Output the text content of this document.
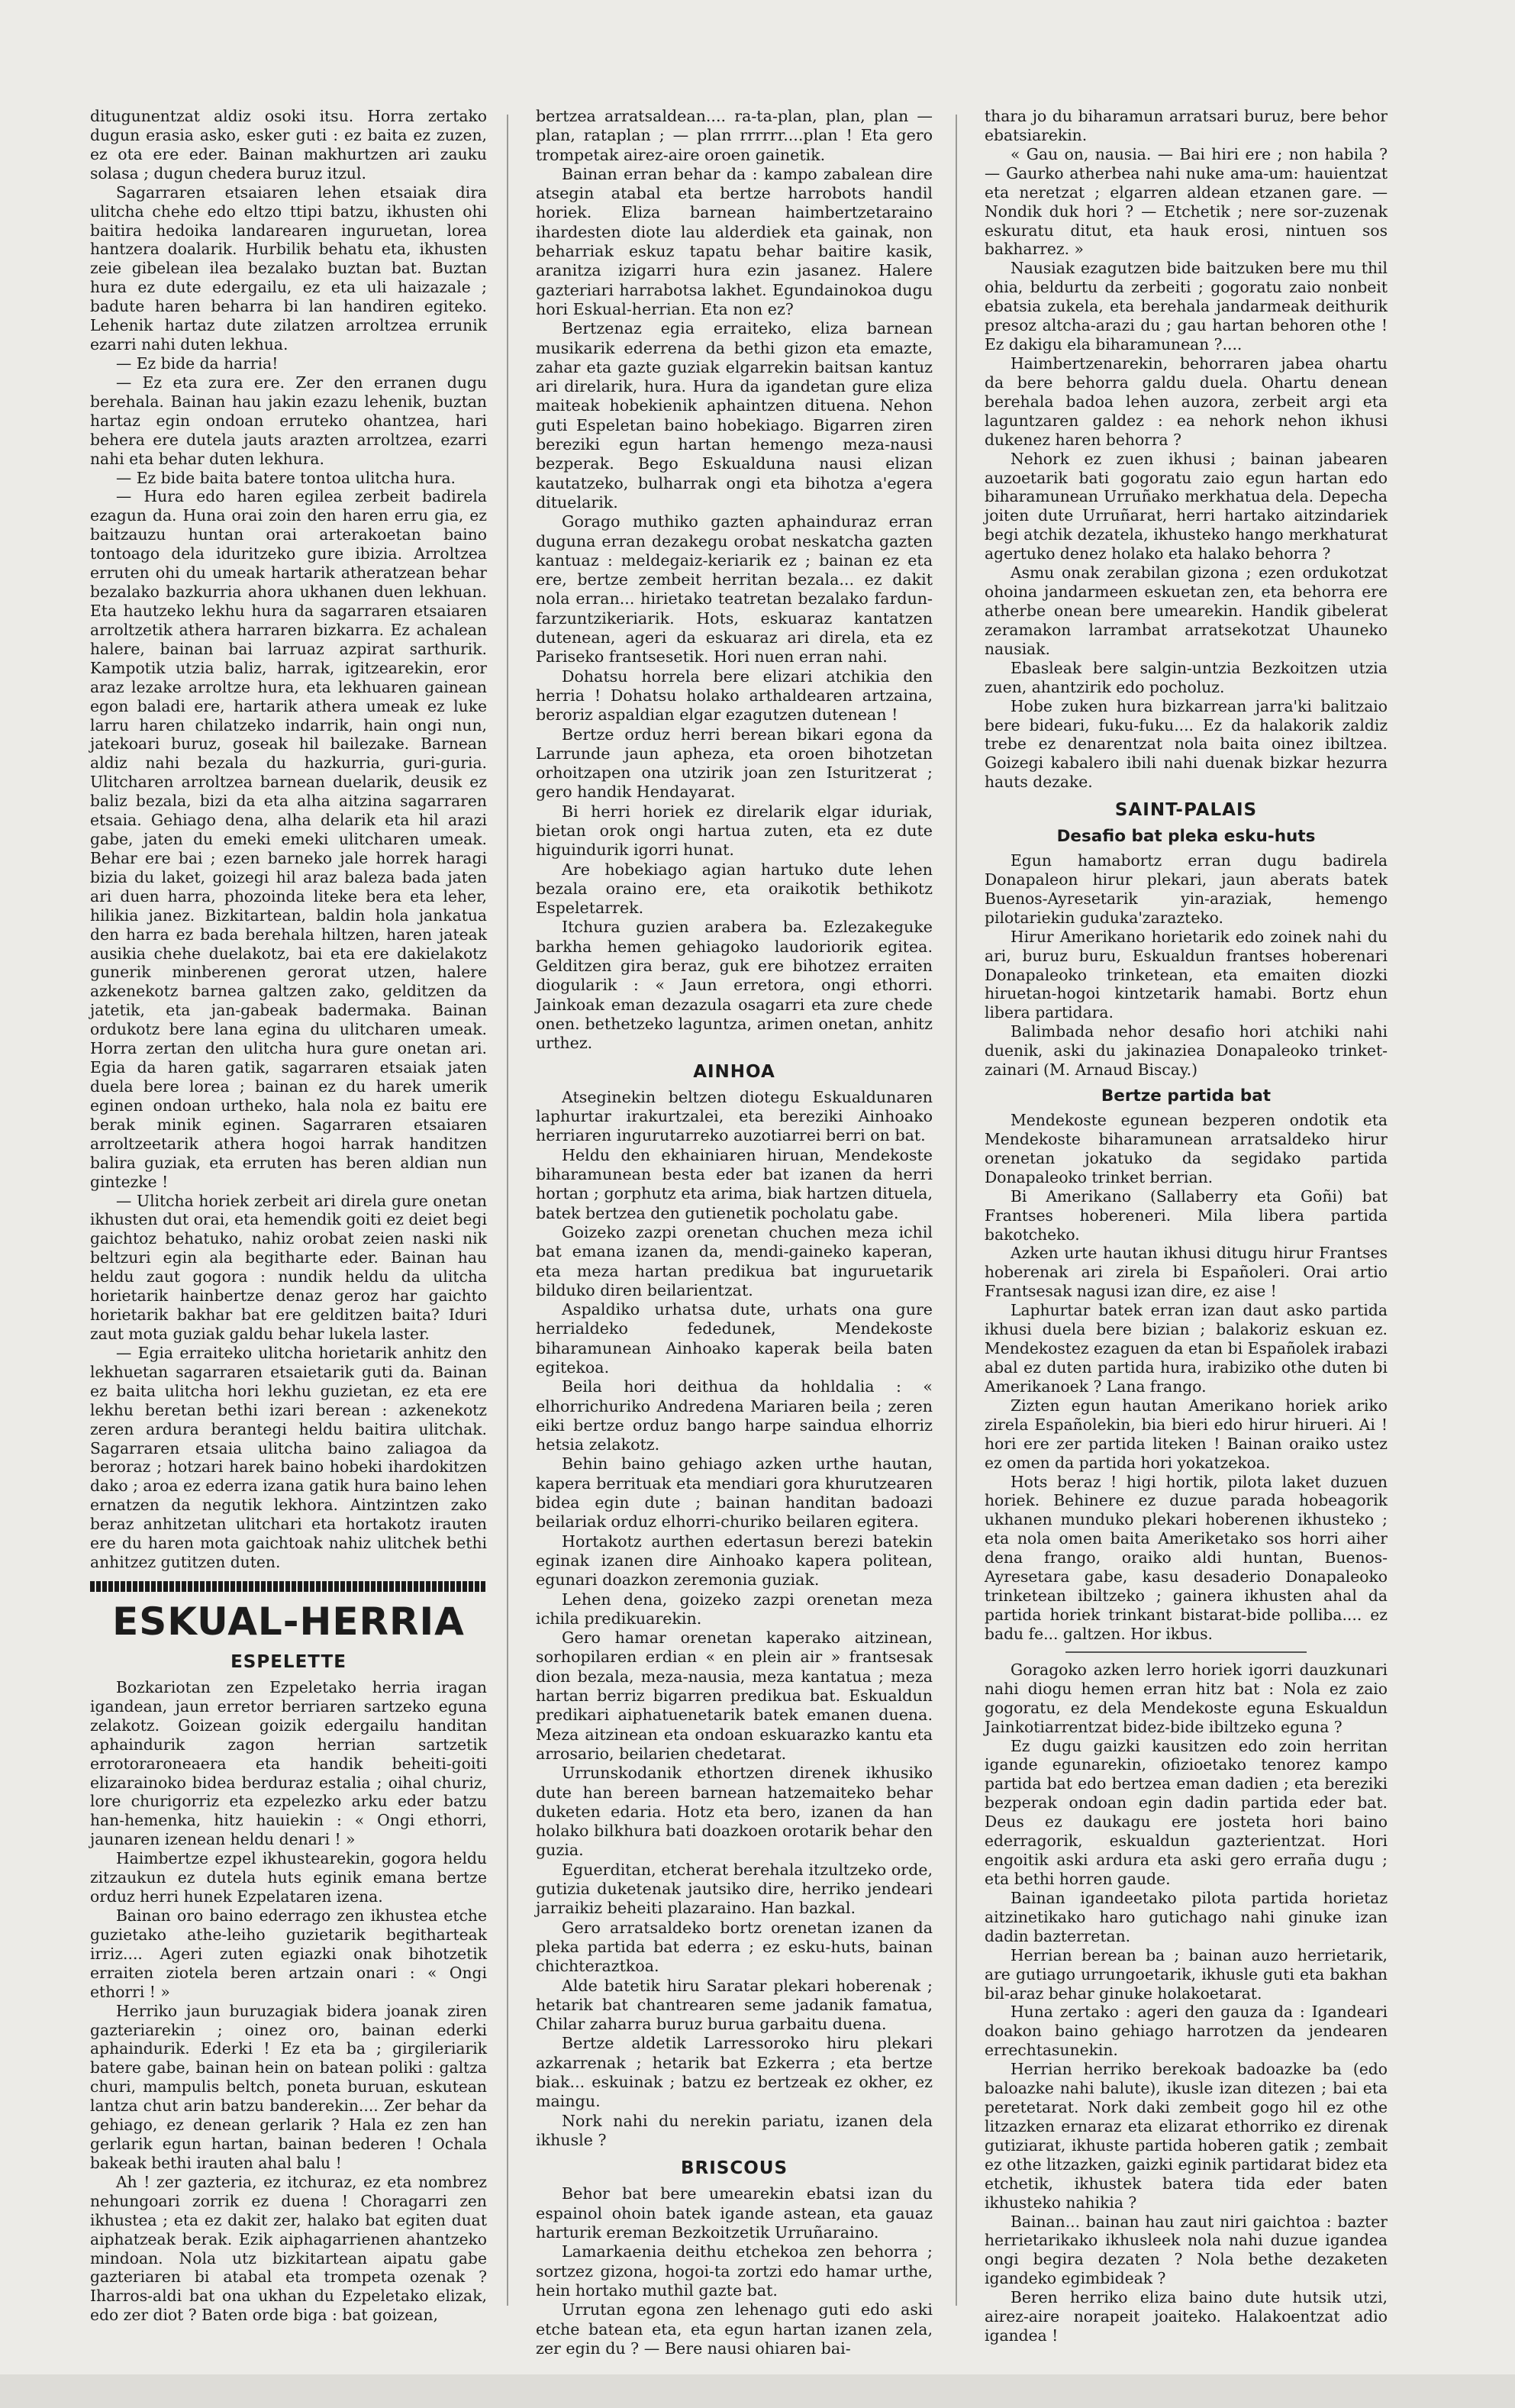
ditugunentzat aldiz osoki itsu. Horra zertako dugun erasia asko, esker guti : ez baita ez zuzen, ez ota ere eder. Bainan makhurtzen ari zauku solasa ; dugun chedera buruz itzul.

Sagarraren etsaiaren lehen etsaiak dira ulitcha chehe edo eltzo ttipi batzu, ikhusten ohi baitira hedoika landarearen inguruetan, lorea hantzera doalarik. Hurbilik behatu eta, ikhusten zeie gibelean ilea bezalako buztan bat. Buztan hura ez dute edergailu, ez eta uli haizazale ; badute haren beharra bi lan handiren egiteko. Lehenik hartaz dute zilatzen arroltzea errunik ezarri nahi duten lekhua.

— Ez bide da harria!

— Ez eta zura ere. Zer den erranen dugu berehala. Bainan hau jakin ezazu lehenik, buztan hartaz egin ondoan erruteko ohantzea, hari behera ere dutela jauts arazten arroltzea, ezarri nahi eta behar duten lekhura.

— Ez bide baita batere tontoa ulitcha hura.

— Hura edo haren egilea zerbeit badirela ezagun da. Huna orai zoin den haren erru gia, ez baitzauzu huntan orai arterakoetan baino tontoago dela iduritzeko gure ibizia. Arroltzea erruten ohi du umeak hartarik atheratzean behar bezalako bazkurria ahora ukhanen duen lekhuan. Eta hautzeko lekhu hura da sagarraren etsaiaren arroltzetik athera harraren bizkarra. Ez achalean halere, bainan bai larruaz azpirat sarthurik. Kampotik utzia baliz, harrak, igitzearekin, eror araz lezake arroltze hura, eta lekhuaren gainean egon baladi ere, hartarik athera umeak ez luke larru haren chilatzeko indarrik, hain ongi nun, jatekoari buruz, goseak hil bailezake. Barnean aldiz nahi bezala du hazkurria, guri-guria. Ulitcharen arroltzea barnean duelarik, deusik ez baliz bezala, bizi da eta alha aitzina sagarraren etsaia. Gehiago dena, alha delarik eta hil arazi gabe, jaten du emeki emeki ulitcharen umeak. Behar ere bai ; ezen barneko jale horrek haragi bizia du laket, goizegi hil araz baleza bada jaten ari duen harra, phozoinda liteke bera eta leher, hilikia janez. Bizkitartean, baldin hola jankatua den harra ez bada berehala hiltzen, haren jateak ausikia chehe duelakotz, bai eta ere dakielakotz gunerik minberenen gerorat utzen, halere azkenekotz barnea galtzen zako, gelditzen da jatetik, eta jan-gabeak badermaka. Bainan ordukotz bere lana egina du ulitcharen umeak. Horra zertan den ulitcha hura gure onetan ari. Egia da haren gatik, sagarraren etsaiak jaten duela bere lorea ; bainan ez du harek umerik eginen ondoan urtheko, hala nola ez baitu ere berak minik eginen. Sagarraren etsaiaren arroltzeetarik athera hogoi harrak handitzen balira guziak, eta erruten has beren aldian nun gintezke !

— Ulitcha horiek zerbeit ari direla gure onetan ikhusten dut orai, eta hemendik goiti ez deiet begi gaichtoz behatuko, nahiz orobat zeien naski nik beltzuri egin ala begitharte eder. Bainan hau heldu zaut gogora : nundik heldu da ulitcha horietarik hainbertze denaz geroz har gaichto horietarik bakhar bat ere gelditzen baita? Iduri zaut mota guziak galdu behar lukela laster.

— Egia erraiteko ulitcha horietarik anhitz den lekhuetan sagarraren etsaietarik guti da. Bainan ez baita ulitcha hori lekhu guzietan, ez eta ere lekhu beretan bethi izari berean : azkenekotz zeren ardura berantegi heldu baitira ulitchak. Sagarraren etsaia ulitcha baino zaliagoa da beroraz ; hotzari harek baino hobeki ihardokitzen dako ; aroa ez ederra izana gatik hura baino lehen ernatzen da negutik lekhora. Aintzintzen zako beraz anhitzetan ulitchari eta hortakotz irauten ere du haren mota gaichtoak nahiz ulitchek bethi anhitzez gutitzen duten.

ESKUAL-HERRIA
ESPELETTE

Bozkariotan zen Ezpeletako herria iragan igandean, jaun erretor berriaren sartzeko eguna zelakotz. Goizean goizik edergailu handitan aphaindurik zagon herrian sartzetik errotoraroneaera eta handik beheiti-goiti elizarainoko bidea berduraz estalia ; oihal churiz, lore churigorriz eta ezpelezko arku eder batzu han-hemenka, hitz hauiekin : « Ongi ethorri, jaunaren izenean heldu denari ! »

Haimbertze ezpel ikhustearekin, gogora heldu zitzaukun ez dutela huts eginik emana bertze orduz herri hunek Ezpelataren izena.

Bainan oro baino ederrago zen ikhustea etche guzietako athe-leiho guzietarik begitharteak irriz.... Ageri zuten egiazki onak bihotzetik erraiten ziotela beren artzain onari : « Ongi ethorri ! »

Herriko jaun buruzagiak bidera joanak ziren gazteriarekin ; oinez oro, bainan ederki aphaindurik. Ederki ! Ez eta ba ; girgileriarik batere gabe, bainan hein on batean poliki : galtza churi, mampulis beltch, poneta buruan, eskutean lantza chut arin batzu banderekin.... Zer behar da gehiago, ez denean gerlarik ? Hala ez zen han gerlarik egun hartan, bainan bederen ! Ochala bakeak bethi irauten ahal balu !

Ah ! zer gazteria, ez itchuraz, ez eta nombrez nehungoari zorrik ez duena ! Choragarri zen ikhustea ; eta ez dakit zer, halako bat egiten duat aiphatzeak berak. Ezik aiphagarrienen ahantzeko mindoan. Nola utz bizkitartean aipatu gabe gazteriaren bi atabal eta trompeta ozenak ? Iharros-aldi bat ona ukhan du Ezpeletako elizak, edo zer diot ? Baten orde biga : bat goizean,

bertzea arratsaldean.... ra-ta-plan, plan, plan — plan, rataplan ; — plan rrrrrr....plan ! Eta gero trompetak airez-aire oroen gainetik.

Bainan erran behar da : kampo zabalean dire atsegin atabal eta bertze harrobots handil horiek. Eliza barnean haimbertzetaraino ihardesten diote lau alderdiek eta gainak, non beharriak eskuz tapatu behar baitire kasik, aranitza izigarri hura ezin jasanez. Halere gazteriari harrabotsa lakhet. Egundainokoa dugu hori Eskual-herrian. Eta non ez?

Bertzenaz egia erraiteko, eliza barnean musikarik ederrena da bethi gizon eta emazte, zahar eta gazte guziak elgarrekin baitsan kantuz ari direlarik, hura. Hura da igandetan gure eliza maiteak hobekienik aphaintzen dituena. Nehon guti Espeletan baino hobekiago. Bigarren ziren bereziki egun hartan hemengo meza-nausi bezperak. Bego Eskualduna nausi elizan kautatzeko, bulharrak ongi eta bihotza a'egera dituelarik.

Gorago muthiko gazten aphainduraz erran duguna erran dezakegu orobat neskatcha gazten kantuaz : meldegaiz-keriarik ez ; bainan ez eta ere, bertze zembeit herritan bezala... ez dakit nola erran... hirietako teatretan bezalako fardun-farzuntzikeriarik. Hots, eskuaraz kantatzen dutenean, ageri da eskuaraz ari direla, eta ez Pariseko frantsesetik. Hori nuen erran nahi.

Dohatsu horrela bere elizari atchikia den herria ! Dohatsu holako arthaldearen artzaina, beroriz aspaldian elgar ezagutzen dutenean !

Bertze orduz herri berean bikari egona da Larrunde jaun apheza, eta oroen bihotzetan orhoitzapen ona utzirik joan zen Isturitzerat ; gero handik Hendayarat.

Bi herri horiek ez direlarik elgar iduriak, bietan orok ongi hartua zuten, eta ez dute higuindurik igorri hunat.

Are hobekiago agian hartuko dute lehen bezala oraino ere, eta oraikotik bethikotz Espeletarrek.

Itchura guzien arabera ba. Ezlezakeguke barkha hemen gehiagoko laudoriorik egitea. Gelditzen gira beraz, guk ere bihotzez erraiten diogularik : « Jaun erretora, ongi ethorri. Jainkoak eman dezazula osagarri eta zure chede onen. bethetzeko laguntza, arimen onetan, anhitz urthez.

AINHOA

Atseginekin beltzen diotegu Eskualdunaren laphurtar irakurtzalei, eta bereziki Ainhoako herriaren ingurutarreko auzotiarrei berri on bat.

Heldu den ekhainiaren hiruan, Mendekoste biharamunean besta eder bat izanen da herri hortan ; gorphutz eta arima, biak hartzen dituela, batek bertzea den gutienetik pocholatu gabe.

Goizeko zazpi orenetan chuchen meza ichil bat emana izanen da, mendi-gaineko kaperan, eta meza hartan predikua bat inguruetarik bilduko diren beilarientzat.

Aspaldiko urhatsa dute, urhats ona gure herrialdeko fededunek, Mendekoste biharamunean Ainhoako kaperak beila baten egitekoa.

Beila hori deithua da hohldalia : « elhorrichuriko Andredena Mariaren beila ; zeren eiki bertze orduz bango harpe saindua elhorriz hetsia zelakotz.

Behin baino gehiago azken urthe hautan, kapera berrituak eta mendiari gora khurutzearen bidea egin dute ; bainan handitan badoazi beilariak orduz elhorri-churiko beilaren egitera.

Hortakotz aurthen edertasun berezi batekin eginak izanen dire Ainhoako kapera politean, egunari doazkon zeremonia guziak.

Lehen dena, goizeko zazpi orenetan meza ichila predikuarekin.

Gero hamar orenetan kaperako aitzinean, sorhopilaren erdian « en plein air » frantsesak dion bezala, meza-nausia, meza kantatua ; meza hartan berriz bigarren predikua bat. Eskualdun predikari aiphatuenetarik batek emanen duena. Meza aitzinean eta ondoan eskuarazko kantu eta arrosario, beilarien chedetarat.

Urrunskodanik ethortzen direnek ikhusiko dute han bereen barnean hatzemaiteko behar duketen edaria. Hotz eta bero, izanen da han holako bilkhura bati doazkoen orotarik behar den guzia.

Eguerditan, etcherat berehala itzultzeko orde, gutizia duketenak jautsiko dire, herriko jendeari jarraikiz beheiti plazaraino. Han bazkal.

Gero arratsaldeko bortz orenetan izanen da pleka partida bat ederra ; ez esku-huts, bainan chichteraztkoa.

Alde batetik hiru Saratar plekari hoberenak ; hetarik bat chantrearen seme jadanik famatua, Chilar zaharra buruz burua garbaitu duena.

Bertze aldetik Larressoroko hiru plekari azkarrenak ; hetarik bat Ezkerra ; eta bertze biak... eskuinak ; batzu ez bertzeak ez okher, ez maingu.

Nork nahi du nerekin pariatu, izanen dela ikhusle ?

BRISCOUS

Behor bat bere umearekin ebatsi izan du espainol ohoin batek igande astean, eta gauaz harturik ereman Bezkoitzetik Urruñaraino.

Lamarkaenia deithu etchekoa zen behorra ; sortzez gizona, hogoi-ta zortzi edo hamar urthe, hein hortako muthil gazte bat.

Urrutan egona zen lehenago guti edo aski etche batean eta, eta egun hartan izanen zela, zer egin du ? — Bere nausi ohiaren bai-

thara jo du biharamun arratsari buruz, bere behor ebatsiarekin.

« Gau on, nausia. — Bai hiri ere ; non habila ? — Gaurko atherbea nahi nuke ama-um: hauientzat eta neretzat ; elgarren aldean etzanen gare. — Nondik duk hori ? — Etchetik ; nere sor-zuzenak eskuratu ditut, eta hauk erosi, nintuen sos bakharrez. »

Nausiak ezagutzen bide baitzuken bere mu thil ohia, beldurtu da zerbeiti ; gogoratu zaio nonbeit ebatsia zukela, eta berehala jandarmeak deithurik presoz altcha-arazi du ; gau hartan behoren othe ! Ez dakigu ela biharamunean ?....

Haimbertzenarekin, behorraren jabea ohartu da bere behorra galdu duela. Ohartu denean berehala badoa lehen auzora, zerbeit argi eta laguntzaren galdez : ea nehork nehon ikhusi dukenez haren behorra ?

Nehork ez zuen ikhusi ; bainan jabearen auzoetarik bati gogoratu zaio egun hartan edo biharamunean Urruñako merkhatua dela. Depecha joiten dute Urruñarat, herri hartako aitzindariek begi atchik dezatela, ikhusteko hango merkhaturat agertuko denez holako eta halako behorra ?

Asmu onak zerabilan gizona ; ezen ordukotzat ohoina jandarmeen eskuetan zen, eta behorra ere atherbe onean bere umearekin. Handik gibelerat zeramakon larrambat arratsekotzat Uhauneko nausiak.

Ebasleak bere salgin-untzia Bezkoitzen utzia zuen, ahantzirik edo pocholuz.

Hobe zuken hura bizkarrean jarra'ki balitzaio bere bideari, fuku-fuku.... Ez da halakorik zaldiz trebe ez denarentzat nola baita oinez ibiltzea. Goizegi kabalero ibili nahi duenak bizkar hezurra hauts dezake.

SAINT-PALAIS
Desafio bat pleka esku-huts

Egun hamabortz erran dugu badirela Donapaleon hirur plekari, jaun aberats batek Buenos-Ayresetarik yin-araziak, hemengo pilotariekin guduka'zarazteko.

Hirur Amerikano horietarik edo zoinek nahi du ari, buruz buru, Eskualdun frantses hoberenari Donapaleoko trinketean, eta emaiten diozki hiruetan-hogoi kintzetarik hamabi. Bortz ehun libera partidara.

Balimbada nehor desafio hori atchiki nahi duenik, aski du jakinaziea Donapaleoko trinket-zainari (M. Arnaud Biscay.)

Bertze partida bat

Mendekoste egunean bezperen ondotik eta Mendekoste biharamunean arratsaldeko hirur orenetan jokatuko da segidako partida Donapaleoko trinket berrian.

Bi Amerikano (Sallaberry eta Goñi) bat Frantses hobereneri. Mila libera partida bakotcheko.

Azken urte hautan ikhusi ditugu hirur Frantses hoberenak ari zirela bi Españoleri. Orai artio Frantsesak nagusi izan dire, ez aise !

Laphurtar batek erran izan daut asko partida ikhusi duela bere bizian ; balakoriz eskuan ez. Mendekostez ezaguen da etan bi Españolek irabazi abal ez duten partida hura, irabiziko othe duten bi Amerikanoek ? Lana frango.

Zizten egun hautan Amerikano horiek ariko zirela Españolekin, bia bieri edo hirur hirueri. Ai ! hori ere zer partida liteken ! Bainan oraiko ustez ez omen da partida hori yokatzekoa.

Hots beraz ! higi hortik, pilota laket duzuen horiek. Behinere ez duzue parada hobeagorik ukhanen munduko plekari hoberenen ikhusteko ; eta nola omen baita Ameriketako sos horri aiher dena frango, oraiko aldi huntan, Buenos-Ayresetara gabe, kasu desaderio Donapaleoko trinketean ibiltzeko ; gainera ikhusten ahal da partida horiek trinkant bistarat-bide polliba.... ez badu fe... galtzen. Hor ikbus.

Goragoko azken lerro horiek igorri dauzkunari nahi diogu hemen erran hitz bat : Nola ez zaio gogoratu, ez dela Mendekoste eguna Eskualdun Jainkotiarrentzat bidez-bide ibiltzeko eguna ?

Ez dugu gaizki kausitzen edo zoin herritan igande egunarekin, ofizioetako tenorez kampo partida bat edo bertzea eman dadien ; eta bereziki bezperak ondoan egin dadin partida eder bat. Deus ez daukagu ere josteta hori baino ederragorik, eskualdun gazterientzat. Hori engoitik aski ardura eta aski gero erraña dugu ; eta bethi horren gaude.

Bainan igandeetako pilota partida horietaz aitzinetikako haro gutichago nahi ginuke izan dadin bazterretan.

Herrian berean ba ; bainan auzo herrietarik, are gutiago urrungoetarik, ikhusle guti eta bakhan bil-araz behar ginuke holakoetarat.

Huna zertako : ageri den gauza da : Igandeari doakon baino gehiago harrotzen da jendearen errechtasunekin.

Herrian herriko berekoak badoazke ba (edo baloazke nahi balute), ikusle izan ditezen ; bai eta peretetarat. Nork daki zembeit gogo hil ez othe litzazken ernaraz eta elizarat ethorriko ez direnak gutiziarat, ikhuste partida hoberen gatik ; zembait ez othe litzazken, gaizki eginik partidarat bidez eta etchetik, ikhustek batera tida eder baten ikhusteko nahikia ?

Bainan... bainan hau zaut niri gaichtoa : bazter herrietarikako ikhusleek nola nahi duzue igandea ongi begira dezaten ? Nola bethe dezaketen igandeko egimbideak ?

Beren herriko eliza baino dute hutsik utzi, airez-aire norapeit joaiteko. Halakoentzat adio igandea !
